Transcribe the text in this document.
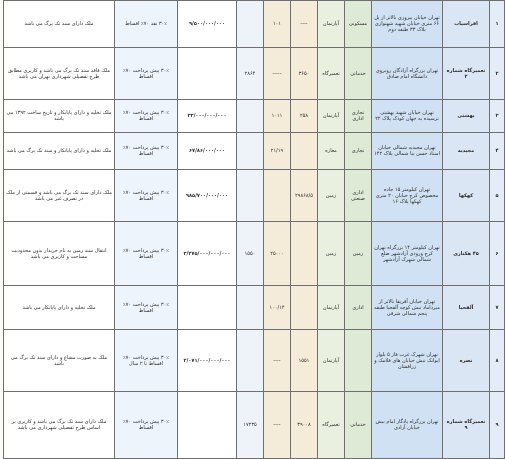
۱	افراسیاب	تهران خیابان پیروزی بالاتر از پل ۶۶ متری خیابان شهید شهنوازی بلاک ۳۳ طبقه دوم	مسکونی	آپارتمان	----	۱۰۱		۹/۵۰۰/۰۰۰/۰۰۰	۳۰٪ نقد ۷۰٪ اقساط	ملک دارای سند تک برگ می باشد
۲	تعمیرگاه شماره ۲	تهران بزرگراه آزادگان روبروی دانشگاه امام صادق	خدماتی	تعمیرگاه	۳۶۵۰	-----	۲۸۶۴		۳۰٪ پیش پرداخت ۷۰٪ اقساط	ملک فاقد سند تک برگ می باشد و کاربری مطابق طرح تفصیلی شهرداری تهران می باشد
۳	بهشتی	تهران خیابان شهید بهشتی ترسیده به جهان کودک پلاک ۲۲	تجاری اداری	آپارتمان	۲۵۸	۱۰۱۱		۳۳/۰۰۰/۰۰۰/۰۰۰	۳۰٪ پیش پرداخت ۷۰٪ اقساط	ملک تخلیه و دارای پایانکار و تاریخ ساخت ۱۳۹۲ می باشد
۴	مجیدیه	تهران مجیدیه شمالی خیابان استاد حسن بنا شمالی پلاک ۱۴۲	تجاری	مغازه		۲۱/۱۹		۶۷/۸۶/۰۰۰/۰۰۰	۳۰٪ پیش پرداخت ۷۰٪ اقساط	ملک تخلیه و دارای پایانکار و سند تک برگ می باشد
۵	کهکها	تهران کیلومتر ۱۵ جاده مخصوص کرج خیابان ۲۰ متری کهکها پلاک ۱۶	اداری صنعتی	زمین	۲۹۸۶۸/۵			۹۸۵/۷۰۰/۰۰۰/۰۰۰	۳۰٪ پیش پرداخت ۷۰٪ اقساط	ملک دارای سند تک برگ می باشد و قسمتی از ملک در تصرف غیر می باشد
۶	۴۵ هکتاری	تهران کیلومتر ۱۴ بزرگراه تهران کرج ورودی آزادشهر ضلع شمالی شهرک آزادشهر	زمین	زمین		۲۵۰۰۰	۱۵۵۰	۳/۲۷۵/۰۰۰/۰۰۰/۰۰۰	۳۰٪ پیش پرداخت ۷۰٪ اقساط	انتقال سند زمین به نام خریدار بدون محدودیت مساحت و کاربری می باشد
۷	آلفحیا	تهران خیابان آفریقا بالاتر از میرداماد نبش کوچه آلفحیا طبقه پنجم شمالی شرقی	اداری	آپارتمان		۱۰۰/۱۴			۳۰٪ پیش پرداخت ۷۰٪ اقساط	ملک تخلیه و دارای پایانکار می باشد
۸	نصره	تهران شهرک غرب فاز ۵ بلوار ایوانک نبش خیابان های فلامک و زرافشان		آپارتمان	۱۵۵۱	----		۲/۰۷۱/۰۰۰/۰۰۰/۰۰۰	۳۰٪ پیش پرداخت ۷۰٪ اقساط تا ۲ سال	ملک به صورت مشاع و دارای سند تک برگ می باشد
۹	تعمیرگاه شماره ۹	تهران بزرگراه یادگار امام نبش خیابان آزادی	خدماتی	تعمیرگاه	۳۹۰۰۸	----	۱۷۲۳۵		۳۰٪ پیش پرداخت ۷۰٪ اقساط	ملک دارای سند تک برگ می باشد و کاربری بر اساس طرح تفصیلی شهرداری می باشد
